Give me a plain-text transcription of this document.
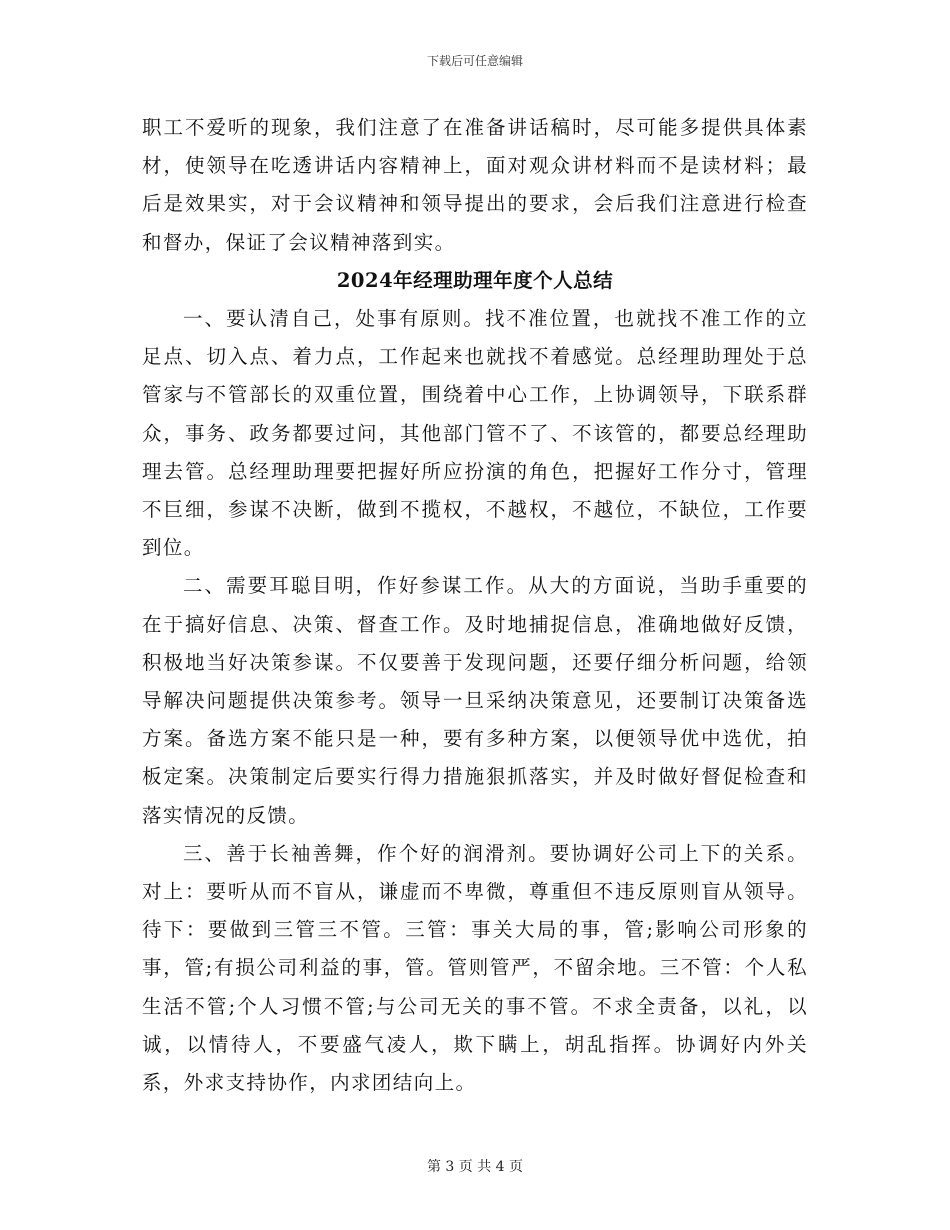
下载后可任意编辑

职工不爱听的现象，我们注意了在准备讲话稿时，尽可能多提供具体素材，使领导在吃透讲话内容精神上，面对观众讲材料而不是读材料；最后是效果实，对于会议精神和领导提出的要求，会后我们注意进行检查和督办，保证了会议精神落到实。

2024年经理助理年度个人总结

一、要认清自己，处事有原则。找不准位置，也就找不准工作的立足点、切入点、着力点，工作起来也就找不着感觉。总经理助理处于总管家与不管部长的双重位置，围绕着中心工作，上协调领导，下联系群众，事务、政务都要过问，其他部门管不了、不该管的，都要总经理助理去管。总经理助理要把握好所应扮演的角色，把握好工作分寸，管理不巨细，参谋不决断，做到不揽权，不越权，不越位，不缺位，工作要到位。

二、需要耳聪目明，作好参谋工作。从大的方面说，当助手重要的在于搞好信息、决策、督查工作。及时地捕捉信息，准确地做好反馈，积极地当好决策参谋。不仅要善于发现问题，还要仔细分析问题，给领导解决问题提供决策参考。领导一旦采纳决策意见，还要制订决策备选方案。备选方案不能只是一种，要有多种方案，以便领导优中选优，拍板定案。决策制定后要实行得力措施狠抓落实，并及时做好督促检查和落实情况的反馈。

三、善于长袖善舞，作个好的润滑剂。要协调好公司上下的关系。对上：要听从而不盲从，谦虚而不卑微，尊重但不违反原则盲从领导。待下：要做到三管三不管。三管：事关大局的事，管;影响公司形象的事，管;有损公司利益的事，管。管则管严，不留余地。三不管：个人私生活不管;个人习惯不管;与公司无关的事不管。不求全责备，以礼，以诚，以情待人，不要盛气凌人，欺下瞒上，胡乱指挥。协调好内外关系，外求支持协作，内求团结向上。

第 3 页 共 4 页
